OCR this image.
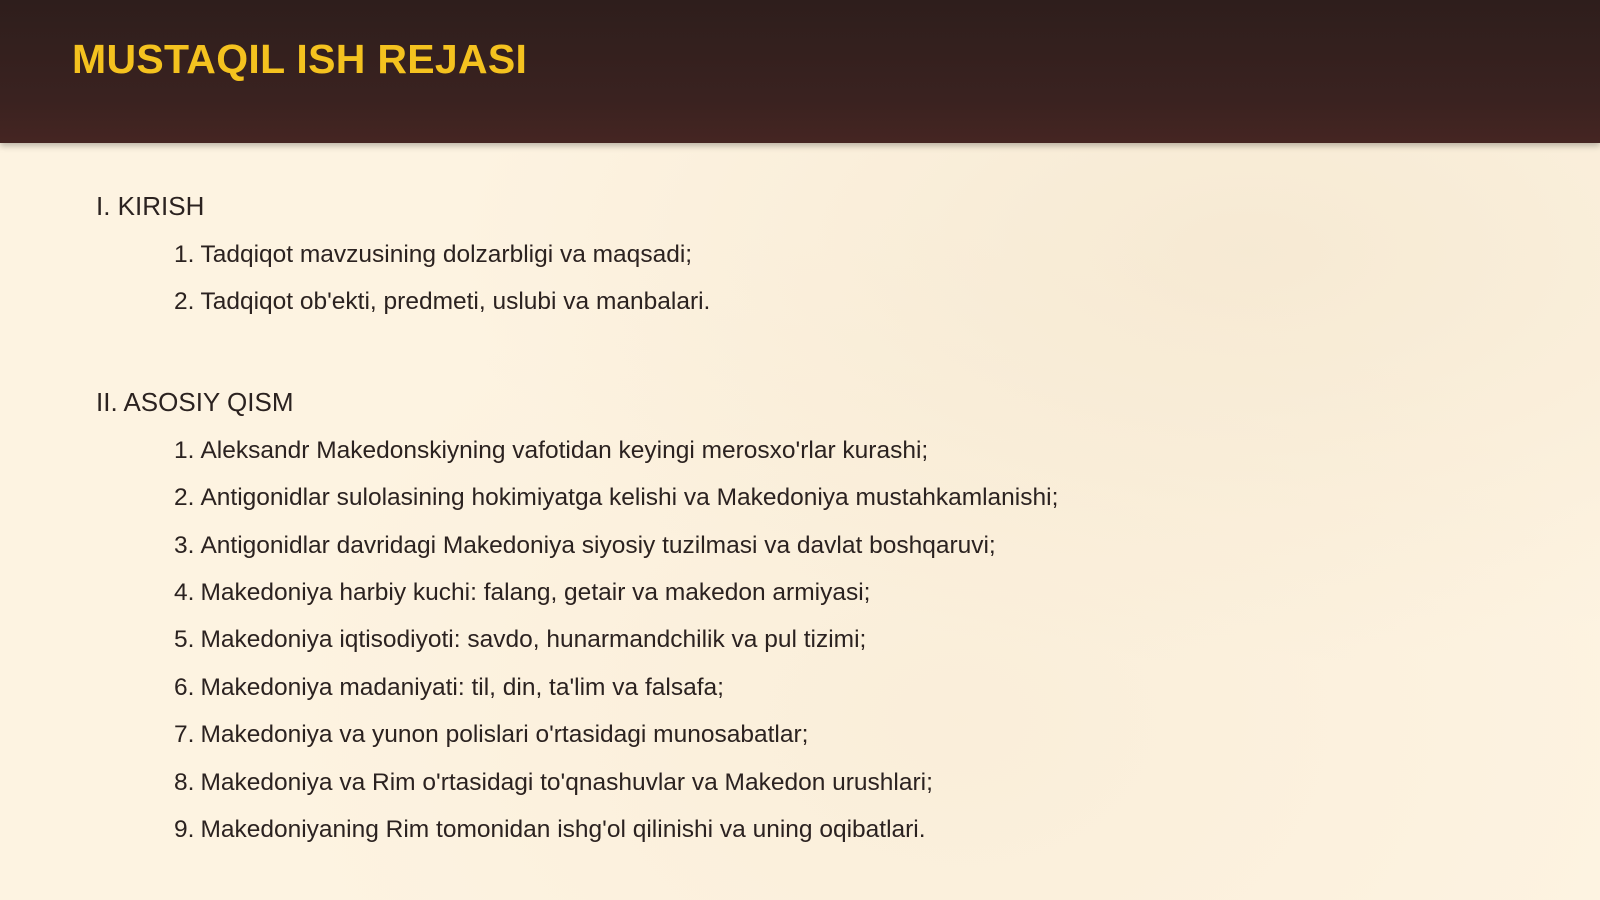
MUSTAQIL ISH REJASI
I. KIRISH
1. Tadqiqot mavzusining dolzarbligi va maqsadi;
2. Tadqiqot ob'ekti, predmeti, uslubi va manbalari.
II. ASOSIY QISM
1. Aleksandr Makedonskiyning vafotidan keyingi merosxo'rlar kurashi;
2. Antigonidlar sulolasining hokimiyatga kelishi va Makedoniya mustahkamlanishi;
3. Antigonidlar davridagi Makedoniya siyosiy tuzilmasi va davlat boshqaruvi;
4. Makedoniya harbiy kuchi: falang, getair va makedon armiyasi;
5. Makedoniya iqtisodiyoti: savdo, hunarmandchilik va pul tizimi;
6. Makedoniya madaniyati: til, din, ta'lim va falsafa;
7. Makedoniya va yunon polislari o'rtasidagi munosabatlar;
8. Makedoniya va Rim o'rtasidagi to'qnashuvlar va Makedon urushlari;
9. Makedoniyaning Rim tomonidan ishg'ol qilinishi va uning oqibatlari.
